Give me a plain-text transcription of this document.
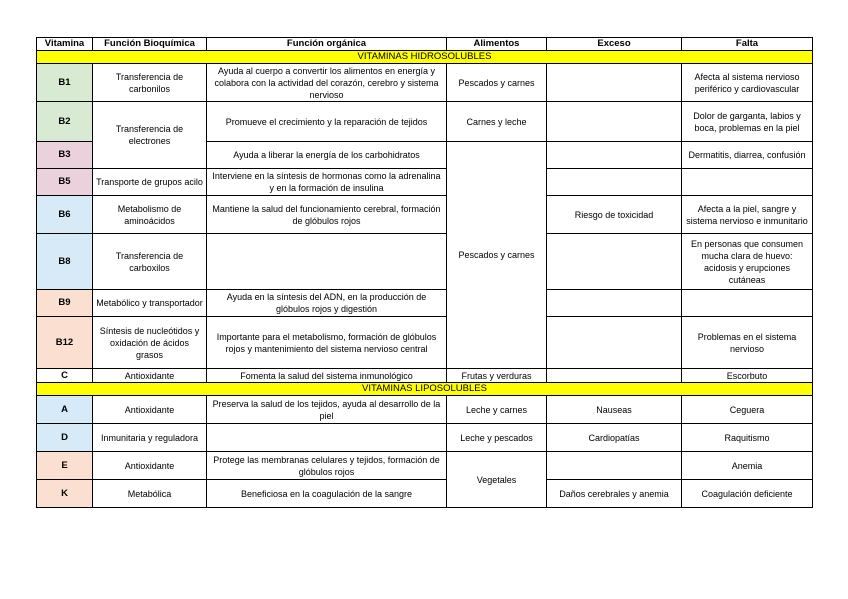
Vitamina	Función Bioquímica	Función orgánica	Alimentos	Exceso	Falta
VITAMINAS HIDROSOLUBLES					
B1	Transferencia de carbonilos	Ayuda al cuerpo a convertir los alimentos en energía y colabora con la actividad del corazón, cerebro y sistema nervioso	Pescados y carnes		Afecta al sistema nervioso periférico y cardiovascular
B2	Transferencia de electrones	Promueve el crecimiento y la reparación de tejidos	Carnes y leche		Dolor de garganta, labios y boca, problemas en la piel
B3		Ayuda a liberar la energía de los carbohidratos	Pescados y carnes		Dermatitis, diarrea, confusión
B5	Transporte de grupos acilo	Interviene en la síntesis de hormonas como la adrenalina y en la formación de insulina			
B6	Metabolismo de aminoácidos	Mantiene la salud del funcionamiento cerebral, formación de glóbulos rojos		Riesgo de toxicidad	Afecta a la piel, sangre y sistema nervioso e inmunitario
B8	Transferencia de carboxilos				En personas que consumen mucha clara de huevo: acidosis y erupciones cutáneas
B9	Metabólico y transportador	Ayuda en la síntesis del ADN, en la producción de glóbulos rojos y digestión			
B12	Síntesis de nucleótidos y oxidación de ácidos grasos	Importante para el metabolismo, formación de glóbulos rojos y mantenimiento del sistema nervioso central			Problemas en el sistema nervioso
C	Antioxidante	Fomenta la salud del sistema inmunológico	Frutas y verduras		Escorbuto
VITAMINAS LIPOSOLUBLES					
A	Antioxidante	Preserva la salud de los tejidos, ayuda al desarrollo de la piel	Leche y carnes	Nauseas	Ceguera
D	Inmunitaria y reguladora		Leche y pescados	Cardiopatías	Raquitismo
E	Antioxidante	Protege las membranas celulares y tejidos, formación de glóbulos rojos	Vegetales		Anemia
K	Metabólica	Beneficiosa en la coagulación de la sangre		Daños cerebrales y anemia	Coagulación deficiente
